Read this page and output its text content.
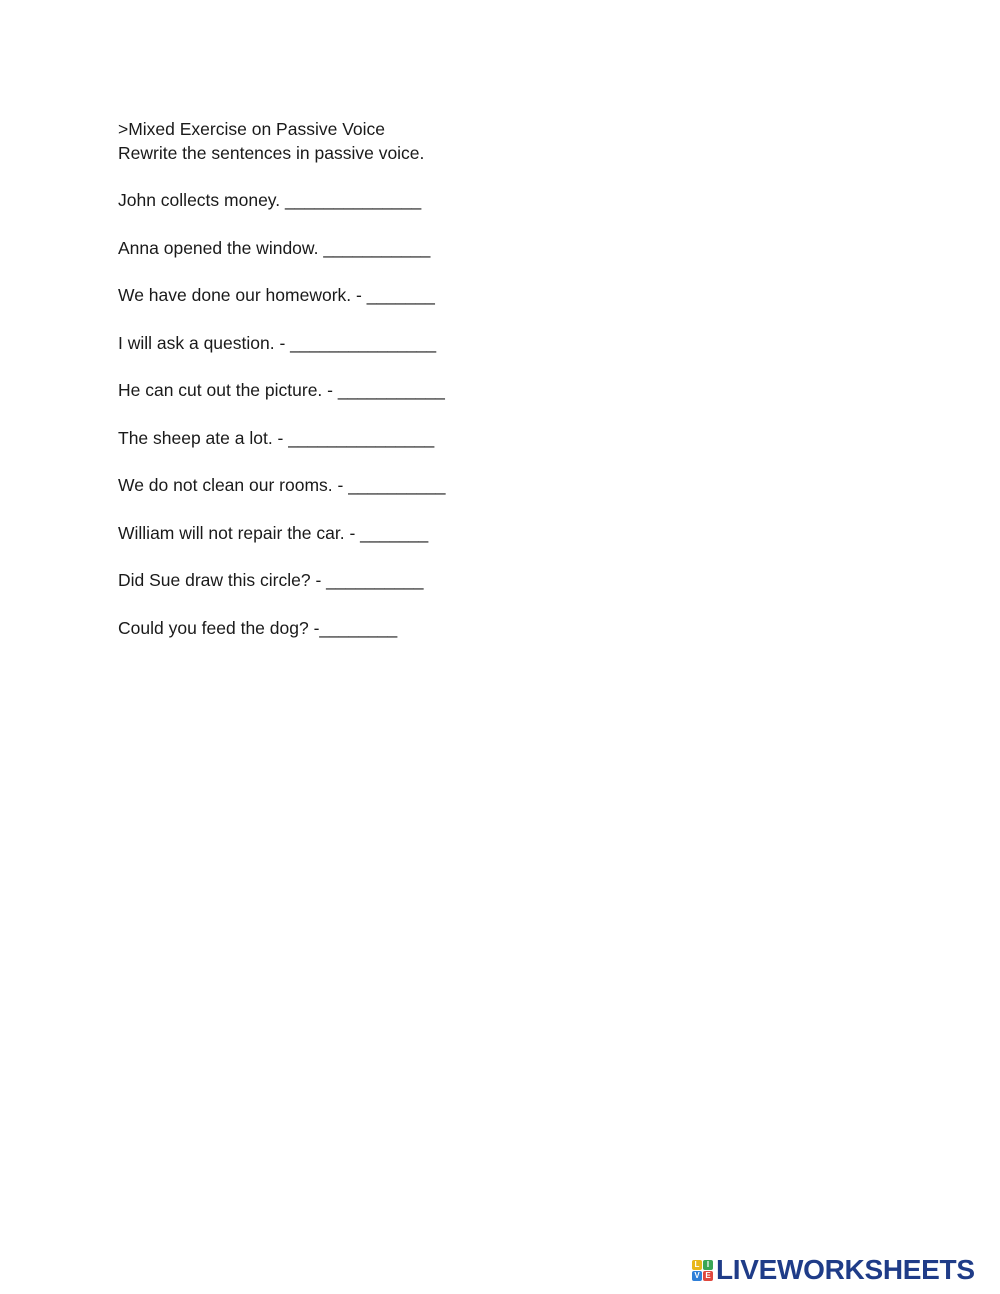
>Mixed Exercise on Passive Voice

Rewrite the sentences in passive voice.

John collects money. ______________
Anna opened the window. ___________
We have done our homework. - _______
I will ask a question. - _______________
He can cut out the picture. - ___________
The sheep ate a lot. - _______________
We do not clean our rooms. - __________
William will not repair the car. - _______
Did Sue draw this circle? - __________
Could you feed the dog? -________
L I
V E LIVEWORKSHEETS
